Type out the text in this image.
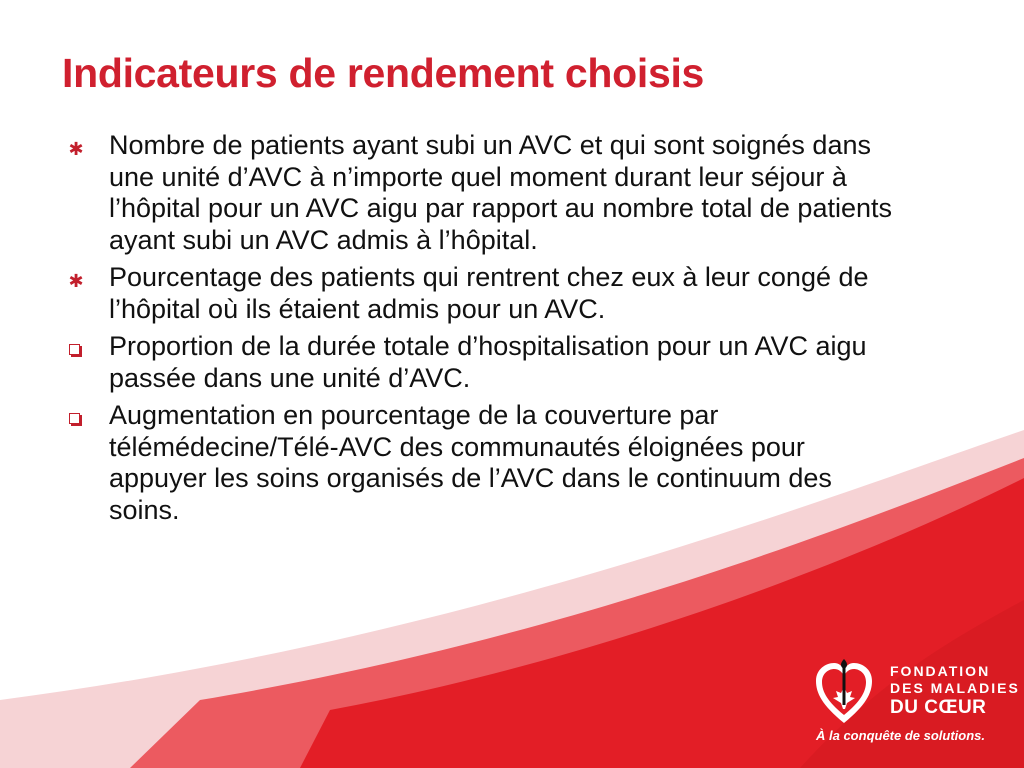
Indicateurs de rendement choisis
✱ Nombre de patients ayant subi un AVC et qui sont soignés dans une unité d’AVC à n’importe quel moment durant leur séjour à l’hôpital pour un AVC aigu par rapport au nombre total de patients ayant subi un AVC admis à l’hôpital.
✱ Pourcentage des patients qui rentrent chez eux à leur congé de l’hôpital où ils étaient admis pour un AVC.
Proportion de la durée totale d’hospitalisation pour un AVC aigu passée dans une unité d’AVC.
Augmentation en pourcentage de la couverture par télémédecine/Télé-AVC des communautés éloignées pour appuyer les soins organisés de l’AVC dans le continuum des soins.
FONDATION
DES MALADIES
DU CŒUR
À la conquête de solutions.
